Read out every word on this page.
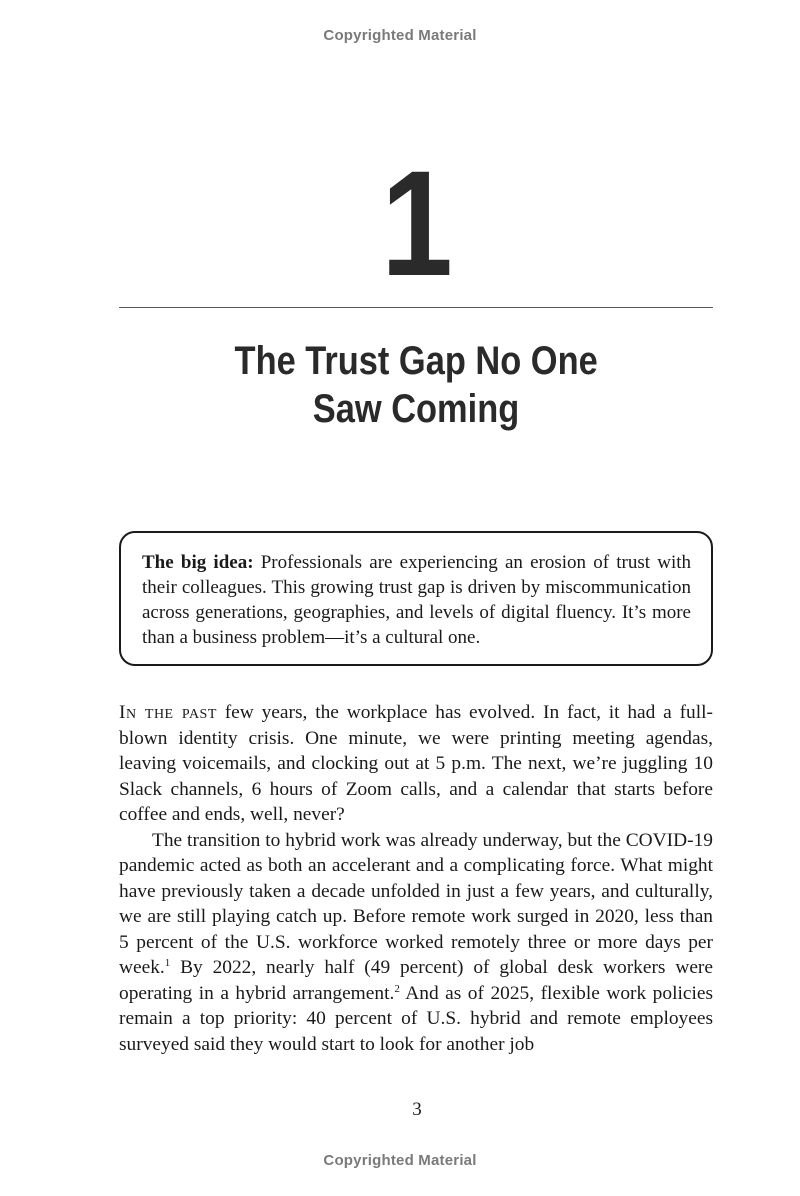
Copyrighted Material
1
The Trust Gap No One
Saw Coming
The big idea: Professionals are experiencing an erosion of trust with their colleagues. This growing trust gap is driven by miscommunication across generations, geographies, and levels of digital fluency. It’s more than a business problem—it’s a cultural one.

In the past few years, the workplace has evolved. In fact, it had a full-blown identity crisis. One minute, we were printing meeting agendas, leaving voicemails, and clocking out at 5 p.m. The next, we’re juggling 10 Slack channels, 6 hours of Zoom calls, and a calendar that starts before coffee and ends, well, never?

The transition to hybrid work was already underway, but the COVID-19 pandemic acted as both an accelerant and a complicating force. What might have previously taken a decade unfolded in just a few years, and culturally, we are still playing catch up. Before remote work surged in 2020, less than 5 percent of the U.S. workforce worked remotely three or more days per week.$^1$ By 2022, nearly half (49 percent) of global desk workers were operating in a hybrid arrangement.$^2$ And as of 2025, flexible work policies remain a top priority: 40 percent of U.S. hybrid and remote employees surveyed said they would start to look for another job

3
Copyrighted Material
